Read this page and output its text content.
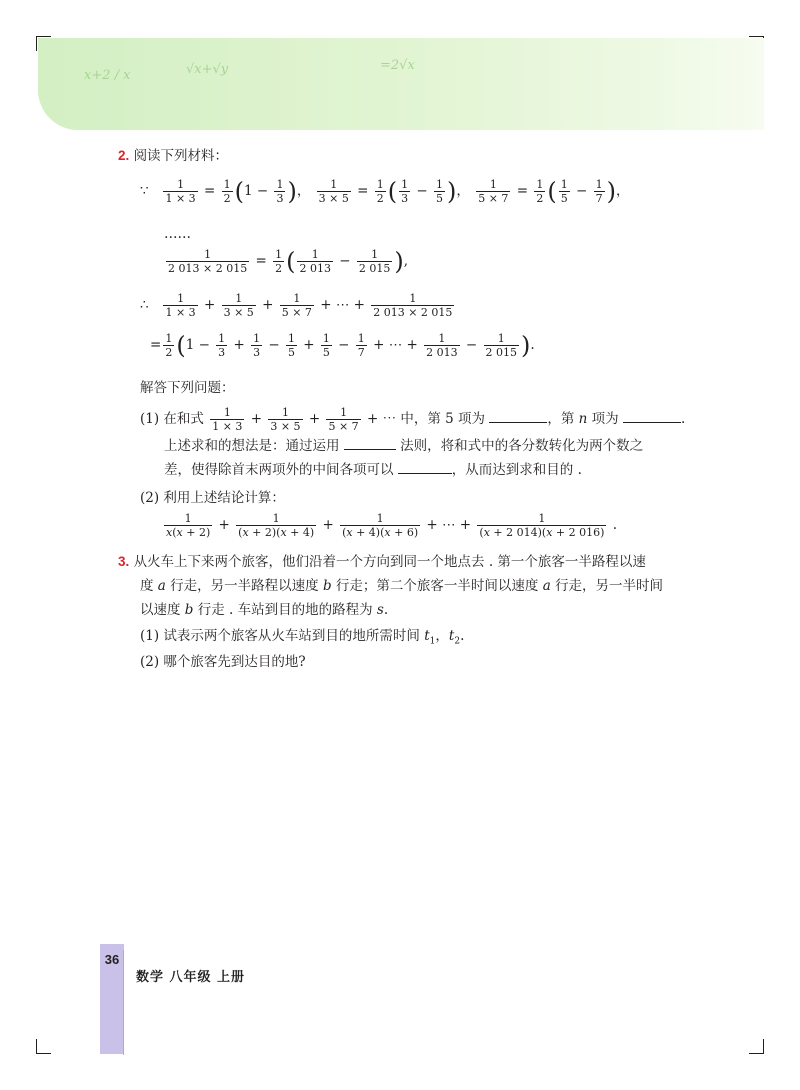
x+2 / x	√x+√y	=2√x
2. 阅读下列材料：
∵ $\frac{1}{1 \times 3} = \frac{1}{2} (1 - \frac{1}{3}$ )， $\frac{1}{3 \times 5} = \frac{1}{2}$ ( $\frac{1}{3} - \frac{1}{5}$ )， $\frac{1}{5 \times 7} = \frac{1}{2}$ ( $\frac{1}{5} - \frac{1}{7}$ )，
……
$\frac{1}{2 013 \times 2 015} = \frac{1}{2}$ ( $\frac{1}{2 013} - \frac{1}{2 015}$ ),
∴ $\frac{1}{1 \times 3} + \frac{1}{3 \times 5} + \frac{1}{5 \times 7}$ + ⋯ + $\frac{1}{2 013 \times 2 015}$
= $\frac{1}{2} (1 - \frac{1}{3} + \frac{1}{3} - \frac{1}{5} + \frac{1}{5} - \frac{1}{7}$ + ⋯ + $\frac{1}{2 013} - \frac{1}{2 015}$ ).
解答下列问题：
(1) 在和式 $\frac{1}{1 \times 3} + \frac{1}{3 \times 5} + \frac{1}{5 \times 7}$ + ⋯ 中，第 5 项为	，第 n 项为	.
上述求和的想法是：通过运用	法则，将和式中的各分数转化为两个数之
差，使得除首末两项外的中间各项可以	，从而达到求和目的 .
(2) 利用上述结论计算：
$\frac{1}{x(x + 2)} + \frac{1}{(x + 2)(x + 4)} + \frac{1}{(x + 4)(x + 6)}$ + ⋯ + $\frac{1}{(x + 2 014)(x + 2 016)}$ .
3. 从火车上下来两个旅客，他们沿着一个方向到同一个地点去 . 第一个旅客一半路程以速
度 a 行走，另一半路程以速度 b 行走；第二个旅客一半时间以速度 a 行走，另一半时间
以速度 b 行走 . 车站到目的地的路程为 s.
(1) 试表示两个旅客从火车站到目的地所需时间 $t_1$，$t_2$.
(2) 哪个旅客先到达目的地?
36
数学 八年级 上册
